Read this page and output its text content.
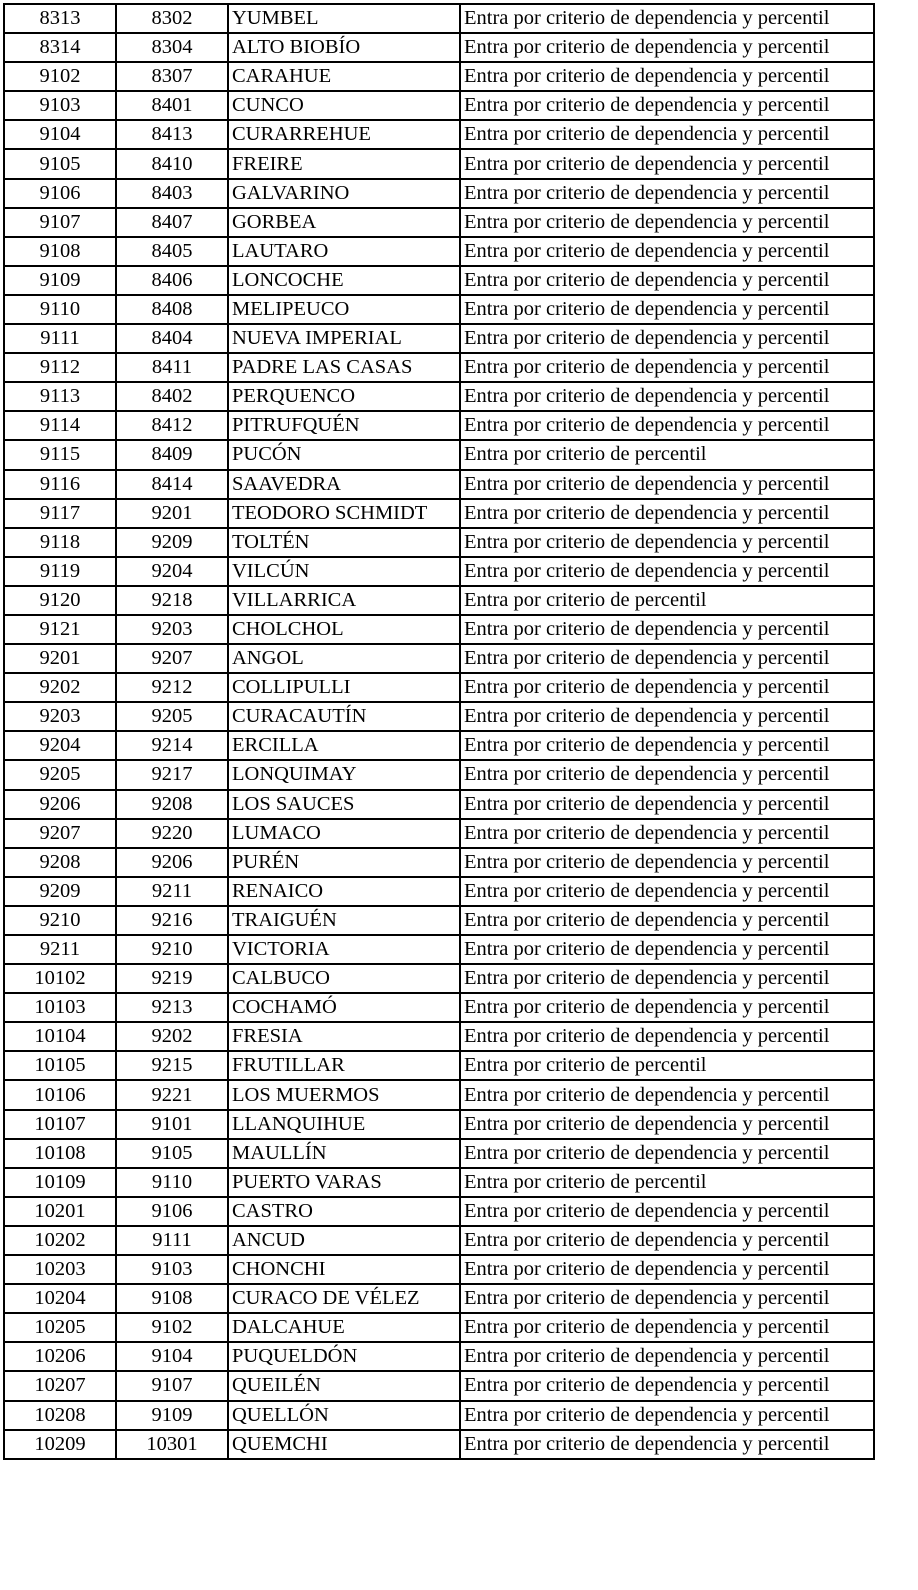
8313	8302	YUMBEL	Entra por criterio de dependencia y percentil
8314	8304	ALTO BIOBÍO	Entra por criterio de dependencia y percentil
9102	8307	CARAHUE	Entra por criterio de dependencia y percentil
9103	8401	CUNCO	Entra por criterio de dependencia y percentil
9104	8413	CURARREHUE	Entra por criterio de dependencia y percentil
9105	8410	FREIRE	Entra por criterio de dependencia y percentil
9106	8403	GALVARINO	Entra por criterio de dependencia y percentil
9107	8407	GORBEA	Entra por criterio de dependencia y percentil
9108	8405	LAUTARO	Entra por criterio de dependencia y percentil
9109	8406	LONCOCHE	Entra por criterio de dependencia y percentil
9110	8408	MELIPEUCO	Entra por criterio de dependencia y percentil
9111	8404	NUEVA IMPERIAL	Entra por criterio de dependencia y percentil
9112	8411	PADRE LAS CASAS	Entra por criterio de dependencia y percentil
9113	8402	PERQUENCO	Entra por criterio de dependencia y percentil
9114	8412	PITRUFQUÉN	Entra por criterio de dependencia y percentil
9115	8409	PUCÓN	Entra por criterio de percentil
9116	8414	SAAVEDRA	Entra por criterio de dependencia y percentil
9117	9201	TEODORO SCHMIDT	Entra por criterio de dependencia y percentil
9118	9209	TOLTÉN	Entra por criterio de dependencia y percentil
9119	9204	VILCÚN	Entra por criterio de dependencia y percentil
9120	9218	VILLARRICA	Entra por criterio de percentil
9121	9203	CHOLCHOL	Entra por criterio de dependencia y percentil
9201	9207	ANGOL	Entra por criterio de dependencia y percentil
9202	9212	COLLIPULLI	Entra por criterio de dependencia y percentil
9203	9205	CURACAUTÍN	Entra por criterio de dependencia y percentil
9204	9214	ERCILLA	Entra por criterio de dependencia y percentil
9205	9217	LONQUIMAY	Entra por criterio de dependencia y percentil
9206	9208	LOS SAUCES	Entra por criterio de dependencia y percentil
9207	9220	LUMACO	Entra por criterio de dependencia y percentil
9208	9206	PURÉN	Entra por criterio de dependencia y percentil
9209	9211	RENAICO	Entra por criterio de dependencia y percentil
9210	9216	TRAIGUÉN	Entra por criterio de dependencia y percentil
9211	9210	VICTORIA	Entra por criterio de dependencia y percentil
10102	9219	CALBUCO	Entra por criterio de dependencia y percentil
10103	9213	COCHAMÓ	Entra por criterio de dependencia y percentil
10104	9202	FRESIA	Entra por criterio de dependencia y percentil
10105	9215	FRUTILLAR	Entra por criterio de percentil
10106	9221	LOS MUERMOS	Entra por criterio de dependencia y percentil
10107	9101	LLANQUIHUE	Entra por criterio de dependencia y percentil
10108	9105	MAULLÍN	Entra por criterio de dependencia y percentil
10109	9110	PUERTO VARAS	Entra por criterio de percentil
10201	9106	CASTRO	Entra por criterio de dependencia y percentil
10202	9111	ANCUD	Entra por criterio de dependencia y percentil
10203	9103	CHONCHI	Entra por criterio de dependencia y percentil
10204	9108	CURACO DE VÉLEZ	Entra por criterio de dependencia y percentil
10205	9102	DALCAHUE	Entra por criterio de dependencia y percentil
10206	9104	PUQUELDÓN	Entra por criterio de dependencia y percentil
10207	9107	QUEILÉN	Entra por criterio de dependencia y percentil
10208	9109	QUELLÓN	Entra por criterio de dependencia y percentil
10209	10301	QUEMCHI	Entra por criterio de dependencia y percentil
